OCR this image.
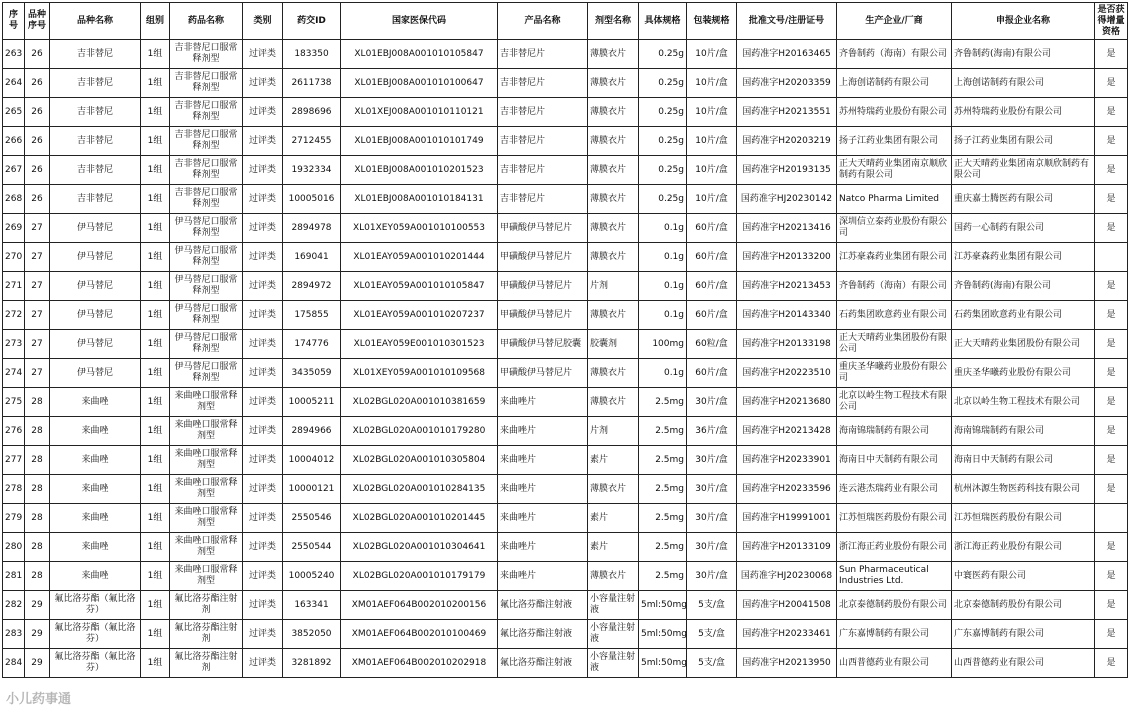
序号	品种序号	品种名称	组别	药品名称	类别	药交ID	国家医保代码	产品名称	剂型名称	具体规格	包装规格	批准文号/注册证号	生产企业/厂商	申报企业名称	是否获得增量资格
263	26	吉非替尼	1组	吉非替尼口服常释剂型	过评类	183350	XL01EBJ008A001010105847	吉非替尼片	薄膜衣片	0.25g	10片/盒	国药准字H20163465	齐鲁制药（海南）有限公司	齐鲁制药(海南)有限公司	是
264	26	吉非替尼	1组	吉非替尼口服常释剂型	过评类	2611738	XL01EBJ008A001010100647	吉非替尼片	薄膜衣片	0.25g	10片/盒	国药准字H20203359	上海创诺制药有限公司	上海创诺制药有限公司	是
265	26	吉非替尼	1组	吉非替尼口服常释剂型	过评类	2898696	XL01XEJ008A001010110121	吉非替尼片	薄膜衣片	0.25g	10片/盒	国药准字H20213551	苏州特瑞药业股份有限公司	苏州特瑞药业股份有限公司	是
266	26	吉非替尼	1组	吉非替尼口服常释剂型	过评类	2712455	XL01EBJ008A001010101749	吉非替尼片	薄膜衣片	0.25g	10片/盒	国药准字H20203219	扬子江药业集团有限公司	扬子江药业集团有限公司	是
267	26	吉非替尼	1组	吉非替尼口服常释剂型	过评类	1932334	XL01EBJ008A001010201523	吉非替尼片	薄膜衣片	0.25g	10片/盒	国药准字H20193135	正大天晴药业集团南京顺欣制药有限公司	正大天晴药业集团南京顺欣制药有限公司	是
268	26	吉非替尼	1组	吉非替尼口服常释剂型	过评类	10005016	XL01EBJ008A001010184131	吉非替尼片	薄膜衣片	0.25g	10片/盒	国药准字HJ20230142	Natco Pharma Limited	重庆嘉士腾医药有限公司	是
269	27	伊马替尼	1组	伊马替尼口服常释剂型	过评类	2894978	XL01XEY059A001010100553	甲磺酸伊马替尼片	薄膜衣片	0.1g	60片/盒	国药准字H20213416	深圳信立泰药业股份有限公司	国药一心制药有限公司	是
270	27	伊马替尼	1组	伊马替尼口服常释剂型	过评类	169041	XL01EAY059A001010201444	甲磺酸伊马替尼片	薄膜衣片	0.1g	60片/盒	国药准字H20133200	江苏豪森药业集团有限公司	江苏豪森药业集团有限公司	
271	27	伊马替尼	1组	伊马替尼口服常释剂型	过评类	2894972	XL01EAY059A001010105847	甲磺酸伊马替尼片	片剂	0.1g	60片/盒	国药准字H20213453	齐鲁制药（海南）有限公司	齐鲁制药(海南)有限公司	是
272	27	伊马替尼	1组	伊马替尼口服常释剂型	过评类	175855	XL01EAY059A001010207237	甲磺酸伊马替尼片	薄膜衣片	0.1g	60片/盒	国药准字H20143340	石药集团欧意药业有限公司	石药集团欧意药业有限公司	是
273	27	伊马替尼	1组	伊马替尼口服常释剂型	过评类	174776	XL01EAY059E001010301523	甲磺酸伊马替尼胶囊	胶囊剂	100mg	60粒/盒	国药准字H20133198	正大天晴药业集团股份有限公司	正大天晴药业集团股份有限公司	是
274	27	伊马替尼	1组	伊马替尼口服常释剂型	过评类	3435059	XL01XEY059A001010109568	甲磺酸伊马替尼片	薄膜衣片	0.1g	60片/盒	国药准字H20223510	重庆圣华曦药业股份有限公司	重庆圣华曦药业股份有限公司	是
275	28	来曲唑	1组	来曲唑口服常释剂型	过评类	10005211	XL02BGL020A001010381659	来曲唑片	薄膜衣片	2.5mg	30片/盒	国药准字H20213680	北京以岭生物工程技术有限公司	北京以岭生物工程技术有限公司	是
276	28	来曲唑	1组	来曲唑口服常释剂型	过评类	2894966	XL02BGL020A001010179280	来曲唑片	片剂	2.5mg	36片/盒	国药准字H20213428	海南锦瑞制药有限公司	海南锦瑞制药有限公司	是
277	28	来曲唑	1组	来曲唑口服常释剂型	过评类	10004012	XL02BGL020A001010305804	来曲唑片	素片	2.5mg	30片/盒	国药准字H20233901	海南日中天制药有限公司	海南日中天制药有限公司	是
278	28	来曲唑	1组	来曲唑口服常释剂型	过评类	10000121	XL02BGL020A001010284135	来曲唑片	薄膜衣片	2.5mg	30片/盒	国药准字H20233596	连云港杰瑞药业有限公司	杭州沐源生物医药科技有限公司	是
279	28	来曲唑	1组	来曲唑口服常释剂型	过评类	2550546	XL02BGL020A001010201445	来曲唑片	素片	2.5mg	30片/盒	国药准字H19991001	江苏恒瑞医药股份有限公司	江苏恒瑞医药股份有限公司	
280	28	来曲唑	1组	来曲唑口服常释剂型	过评类	2550544	XL02BGL020A001010304641	来曲唑片	素片	2.5mg	30片/盒	国药准字H20133109	浙江海正药业股份有限公司	浙江海正药业股份有限公司	是
281	28	来曲唑	1组	来曲唑口服常释剂型	过评类	10005240	XL02BGL020A001010179179	来曲唑片	薄膜衣片	2.5mg	30片/盒	国药准字HJ20230068	Sun Pharmaceutical Industries Ltd.	中寰医药有限公司	是
282	29	氟比洛芬酯（氟比洛芬）	1组	氟比洛芬酯注射剂	过评类	163341	XM01AEF064B002010200156	氟比洛芬酯注射液	小容量注射液	5ml:50mg	5支/盒	国药准字H20041508	北京泰德制药股份有限公司	北京泰德制药股份有限公司	是
283	29	氟比洛芬酯（氟比洛芬）	1组	氟比洛芬酯注射剂	过评类	3852050	XM01AEF064B002010100469	氟比洛芬酯注射液	小容量注射液	5ml:50mg	5支/盒	国药准字H20233461	广东嘉博制药有限公司	广东嘉博制药有限公司	是
284	29	氟比洛芬酯（氟比洛芬）	1组	氟比洛芬酯注射剂	过评类	3281892	XM01AEF064B002010202918	氟比洛芬酯注射液	小容量注射液	5ml:50mg	5支/盒	国药准字H20213950	山西普德药业有限公司	山西普德药业有限公司	是
小儿药事通
